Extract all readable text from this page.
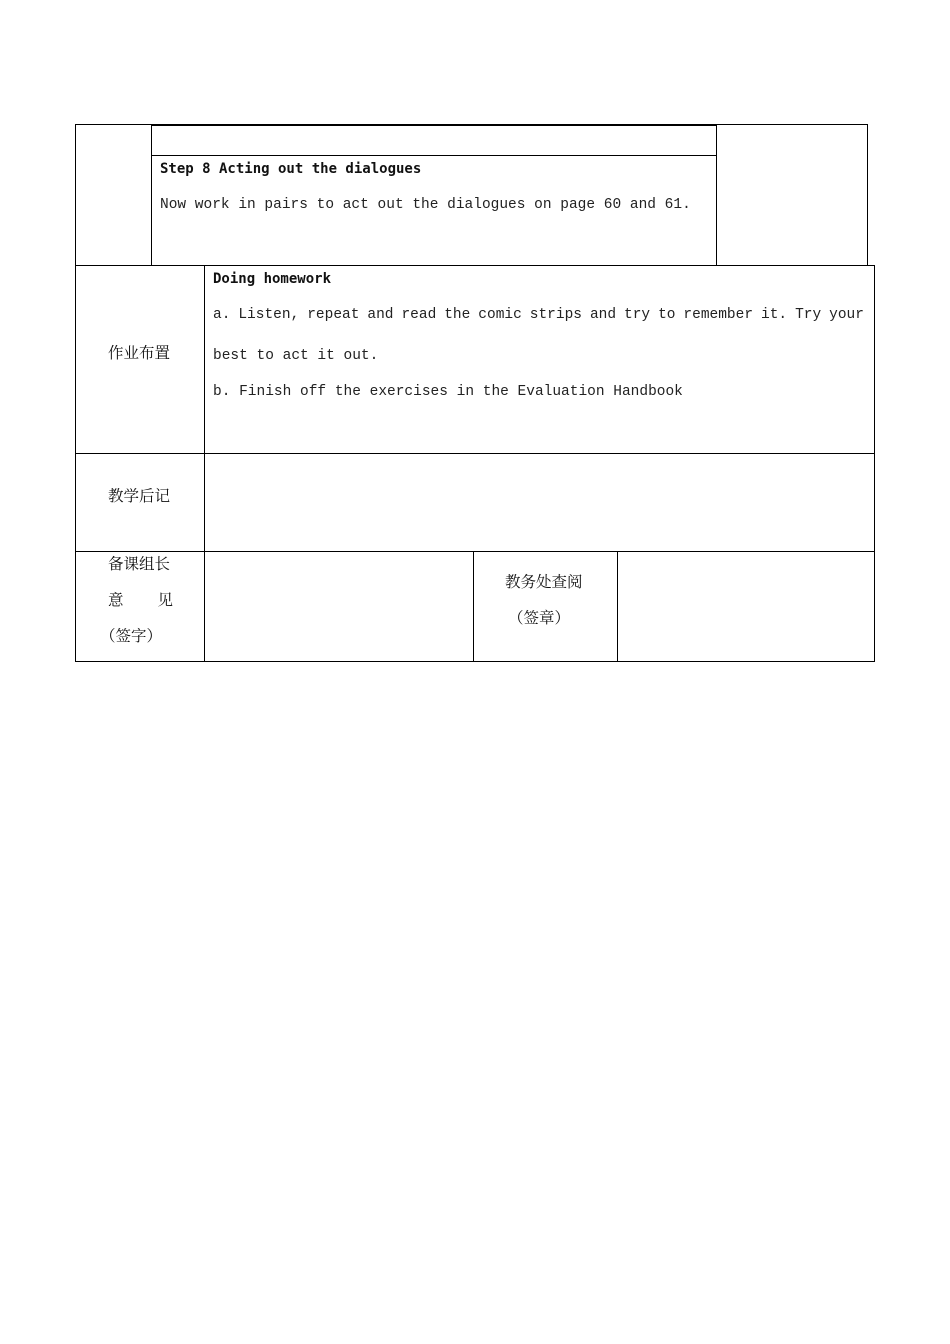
Step 8 Acting out the dialogues
Now work in pairs to act out the dialogues on page 60 and 61.
作业布置
Doing homework
a. Listen, repeat and read the comic strips and try to remember it. Try your
best to act it out.
b. Finish off the exercises in the Evaluation Handbook
教学后记
备课组长
意 见
（签字）
教务处查阅
（签章）
